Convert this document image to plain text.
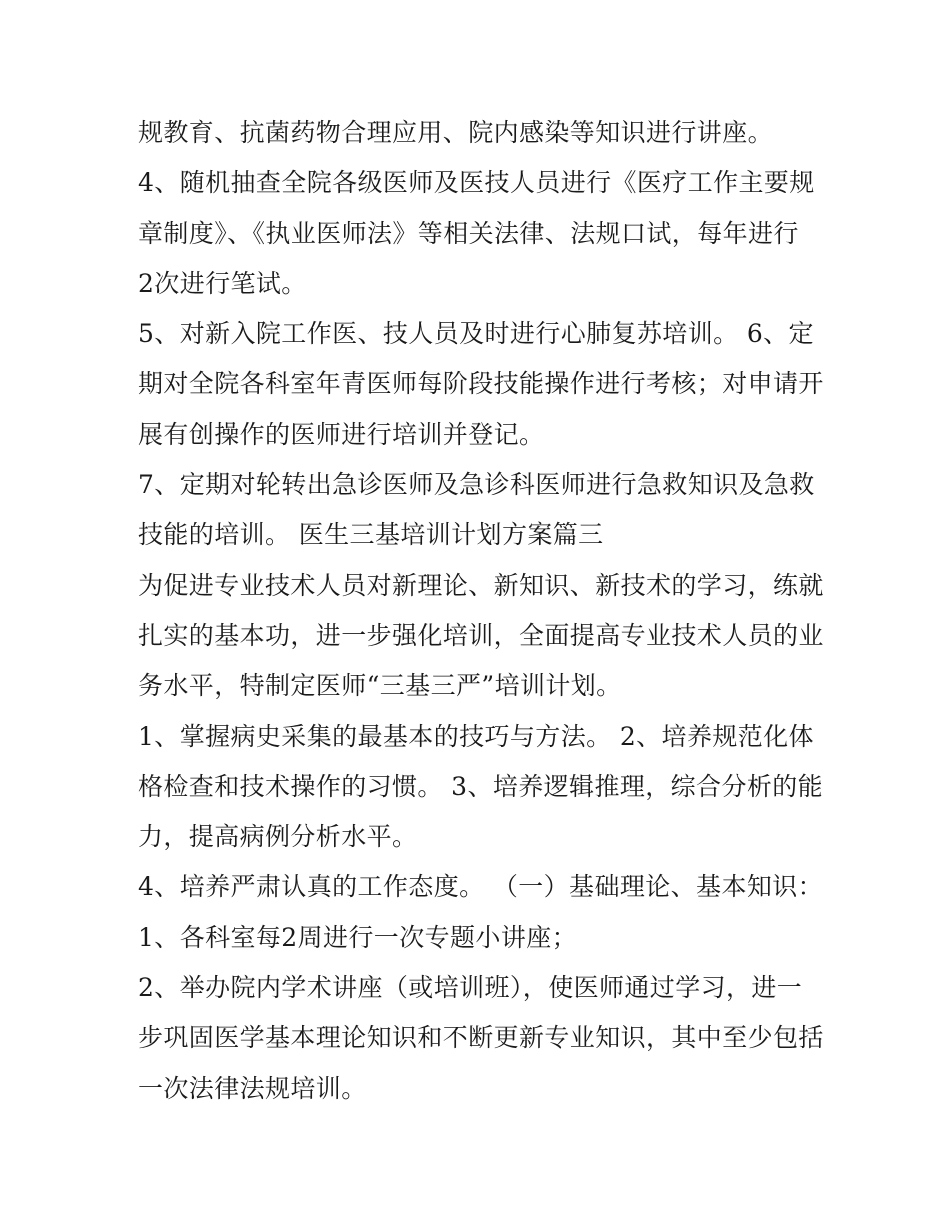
规教育、抗菌药物合理应用、院内感染等知识进行讲座。
4、随机抽查全院各级医师及医技人员进行《医疗工作主要规
章制度》、《执业医师法》等相关法律、法规口试，每年进行
2次进行笔试。
5、对新入院工作医、技人员及时进行心肺复苏培训。 6、定
期对全院各科室年青医师每阶段技能操作进行考核；对申请开
展有创操作的医师进行培训并登记。
7、定期对轮转出急诊医师及急诊科医师进行急救知识及急救
技能的培训。 医生三基培训计划方案篇三
为促进专业技术人员对新理论、新知识、新技术的学习，练就
扎实的基本功，进一步强化培训，全面提高专业技术人员的业
务水平，特制定医师“三基三严”培训计划。
1、掌握病史采集的最基本的技巧与方法。 2、培养规范化体
格检查和技术操作的习惯。 3、培养逻辑推理，综合分析的能
力，提高病例分析水平。
4、培养严肃认真的工作态度。 （一）基础理论、基本知识：
1、各科室每2周进行一次专题小讲座；
2、举办院内学术讲座（或培训班），使医师通过学习，进一
步巩固医学基本理论知识和不断更新专业知识，其中至少包括
一次法律法规培训。
